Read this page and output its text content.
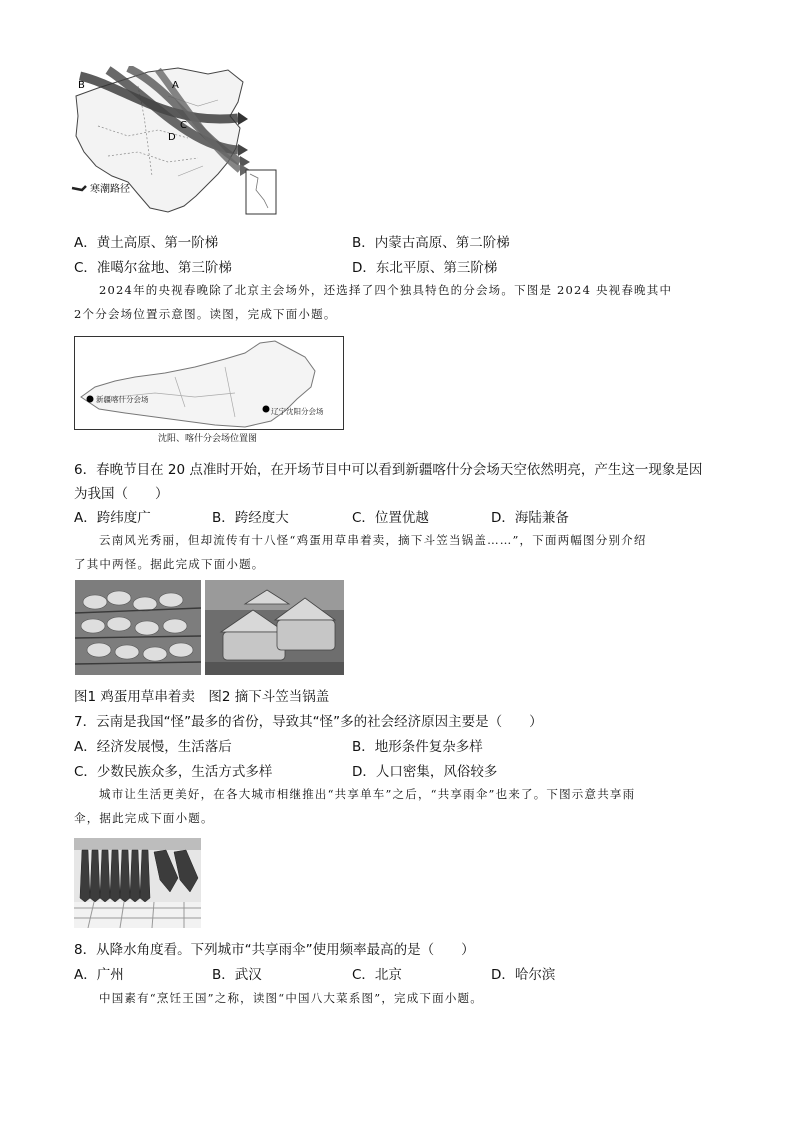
B	A
C
D
寒潮路径
A．黄土高原、第一阶梯	B．内蒙古高原、第二阶梯
C．准噶尔盆地、第三阶梯	D．东北平原、第三阶梯
2024年的央视春晚除了北京主会场外，还选择了四个独具特色的分会场。下图是 2024 央视春晚其中
2个分会场位置示意图。读图，完成下面小题。
新疆喀什分会场
辽宁沈阳分会场
沈阳、喀什分会场位置图
6．春晚节目在 20 点准时开始，在开场节目中可以看到新疆喀什分会场天空依然明亮，产生这一现象是因
为我国（　　）
A．跨纬度广	B．跨经度大	C．位置优越	D．海陆兼备
云南风光秀丽，但却流传有十八怪“鸡蛋用草串着卖，摘下斗笠当锅盖……”，下面两幅图分别介绍
了其中两怪。据此完成下面小题。
图1 鸡蛋用草串着卖　图2 摘下斗笠当锅盖
7．云南是我国“怪”最多的省份，导致其“怪”多的社会经济原因主要是（　　）
A．经济发展慢，生活落后	B．地形条件复杂多样
C．少数民族众多，生活方式多样	D．人口密集，风俗较多
城市让生活更美好，在各大城市相继推出“共享单车”之后，“共享雨伞”也来了。下图示意共享雨
伞，据此完成下面小题。
8．从降水角度看。下列城市“共享雨伞”使用频率最高的是（　　）
A．广州	B．武汉	C．北京	D．哈尔滨
中国素有“烹饪王国”之称，读图“中国八大菜系图”，完成下面小题。
